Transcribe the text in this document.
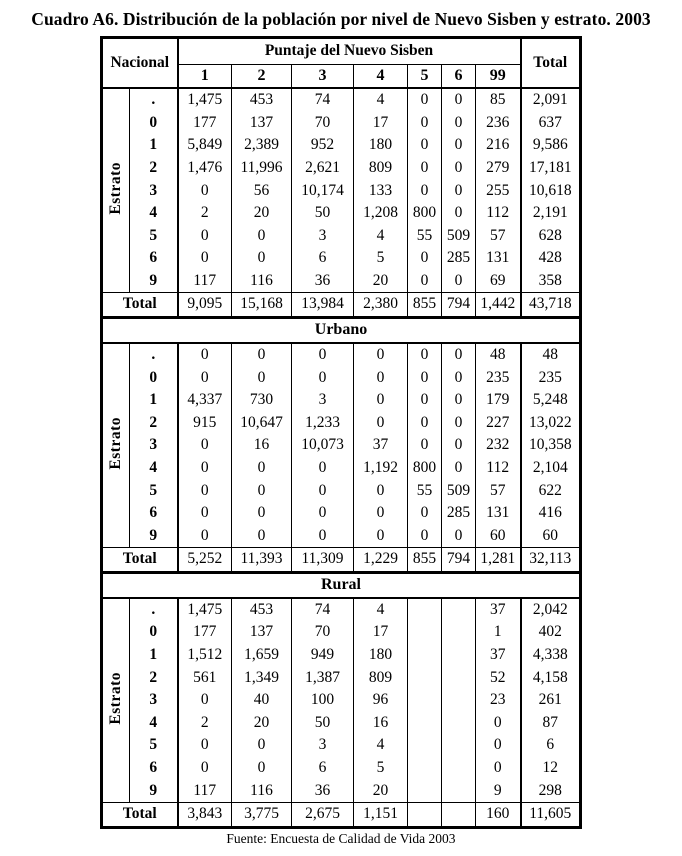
Cuadro A6. Distribución de la población por nivel de Nuevo Sisben y estrato. 2003
Nacional		Puntaje del Nuevo Sisben							Total
		1	2	3	4	5	6	99	
Estrato	.	1,475	453	74	4	0	0	85	2,091
	0	177	137	70	17	0	0	236	637
	1	5,849	2,389	952	180	0	0	216	9,586
	2	1,476	11,996	2,621	809	0	0	279	17,181
	3	0	56	10,174	133	0	0	255	10,618
	4	2	20	50	1,208	800	0	112	2,191
	5	0	0	3	4	55	509	57	628
	6	0	0	6	5	0	285	131	428
	9	117	116	36	20	0	0	69	358
Total		9,095	15,168	13,984	2,380	855	794	1,442	43,718
Urbano									
Estrato	.	0	0	0	0	0	0	48	48
	0	0	0	0	0	0	0	235	235
	1	4,337	730	3	0	0	0	179	5,248
	2	915	10,647	1,233	0	0	0	227	13,022
	3	0	16	10,073	37	0	0	232	10,358
	4	0	0	0	1,192	800	0	112	2,104
	5	0	0	0	0	55	509	57	622
	6	0	0	0	0	0	285	131	416
	9	0	0	0	0	0	0	60	60
Total		5,252	11,393	11,309	1,229	855	794	1,281	32,113
Rural									
Estrato	.	1,475	453	74	4			37	2,042
	0	177	137	70	17			1	402
	1	1,512	1,659	949	180			37	4,338
	2	561	1,349	1,387	809			52	4,158
	3	0	40	100	96			23	261
	4	2	20	50	16			0	87
	5	0	0	3	4			0	6
	6	0	0	6	5			0	12
	9	117	116	36	20			9	298
Total		3,843	3,775	2,675	1,151			160	11,605
Fuente: Encuesta de Calidad de Vida 2003
